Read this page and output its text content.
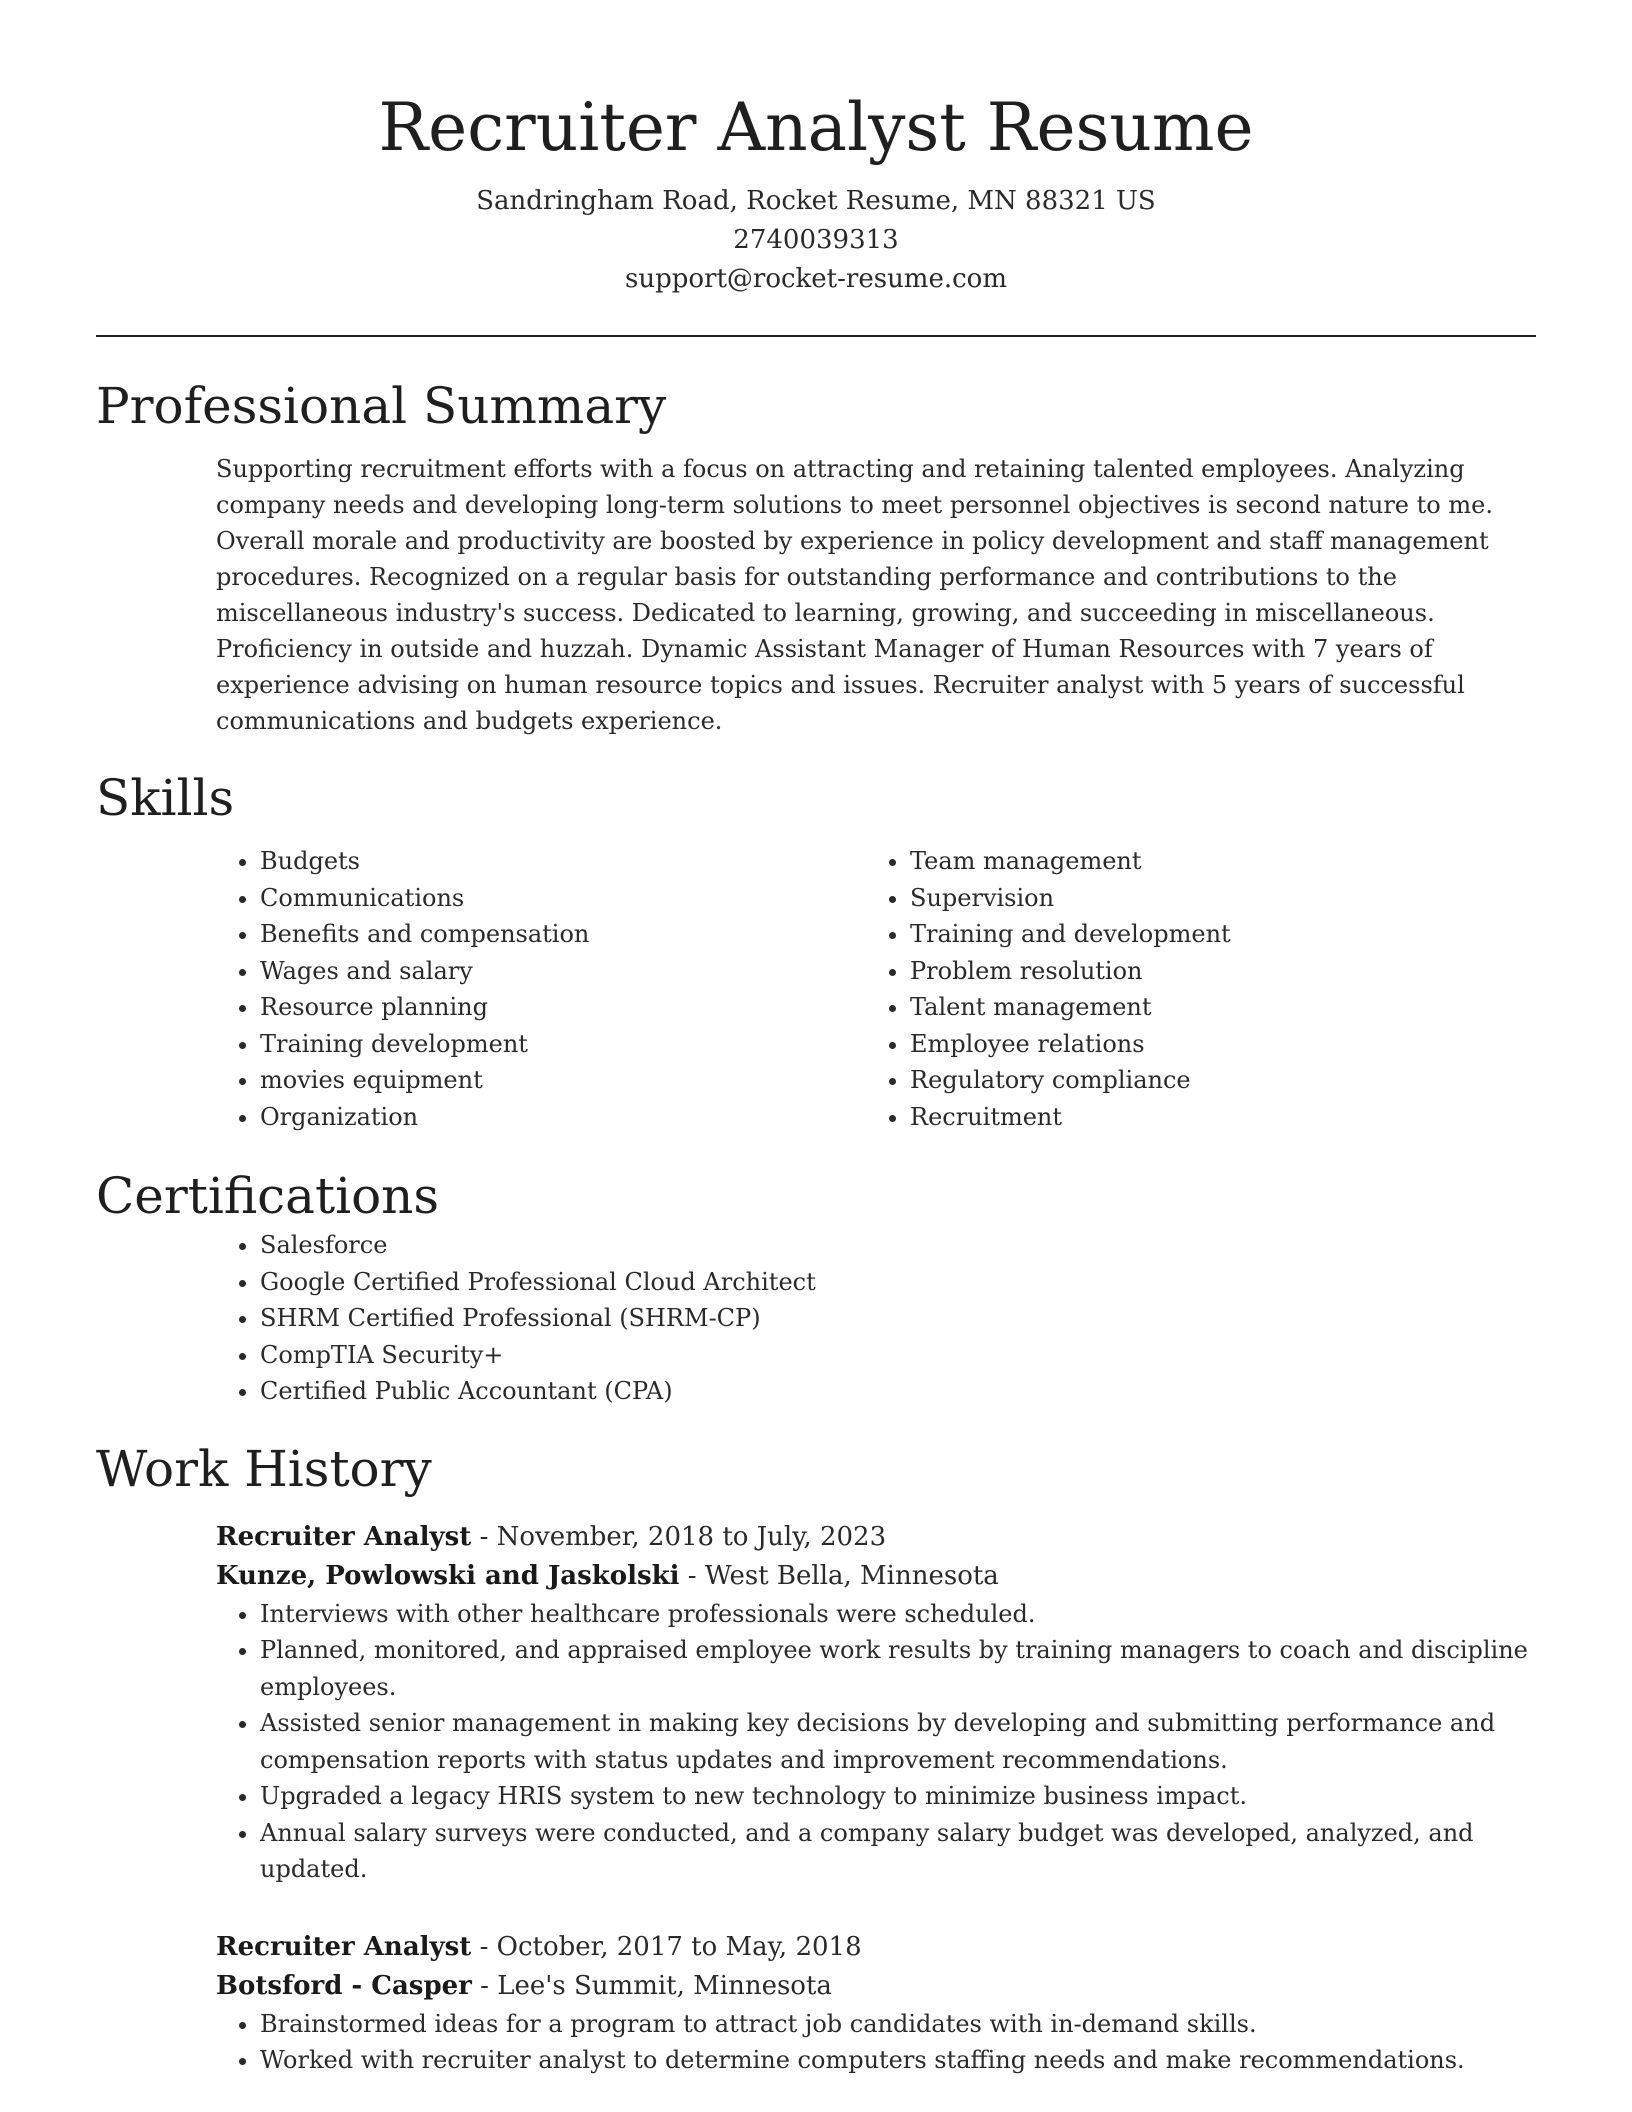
Recruiter Analyst Resume
Sandringham Road, Rocket Resume, MN 88321 US
2740039313
support@rocket-resume.com
Professional Summary

Supporting recruitment efforts with a focus on attracting and retaining talented employees. Analyzing company needs and developing long-term solutions to meet personnel objectives is second nature to me. Overall morale and productivity are boosted by experience in policy development and staff management procedures. Recognized on a regular basis for outstanding performance and contributions to the miscellaneous industry's success. Dedicated to learning, growing, and succeeding in miscellaneous. Proficiency in outside and huzzah. Dynamic Assistant Manager of Human Resources with 7 years of experience advising on human resource topics and issues. Recruiter analyst with 5 years of successful communications and budgets experience.

Skills
• Budgets
• Communications
• Benefits and compensation
• Wages and salary
• Resource planning
• Training development
• movies equipment
• Organization
• Team management
• Supervision
• Training and development
• Problem resolution
• Talent management
• Employee relations
• Regulatory compliance
• Recruitment
Certifications
• Salesforce
• Google Certified Professional Cloud Architect
• SHRM Certified Professional (SHRM-CP)
• CompTIA Security+
• Certified Public Accountant (CPA)
Work History
Recruiter Analyst - November, 2018 to July, 2023
Kunze, Powlowski and Jaskolski - West Bella, Minnesota
• Interviews with other healthcare professionals were scheduled.
• Planned, monitored, and appraised employee work results by training managers to coach and discipline employees.
• Assisted senior management in making key decisions by developing and submitting performance and compensation reports with status updates and improvement recommendations.
• Upgraded a legacy HRIS system to new technology to minimize business impact.
• Annual salary surveys were conducted, and a company salary budget was developed, analyzed, and updated.
Recruiter Analyst - October, 2017 to May, 2018
Botsford - Casper - Lee's Summit, Minnesota
• Brainstormed ideas for a program to attract job candidates with in-demand skills.
• Worked with recruiter analyst to determine computers staffing needs and make recommendations.
